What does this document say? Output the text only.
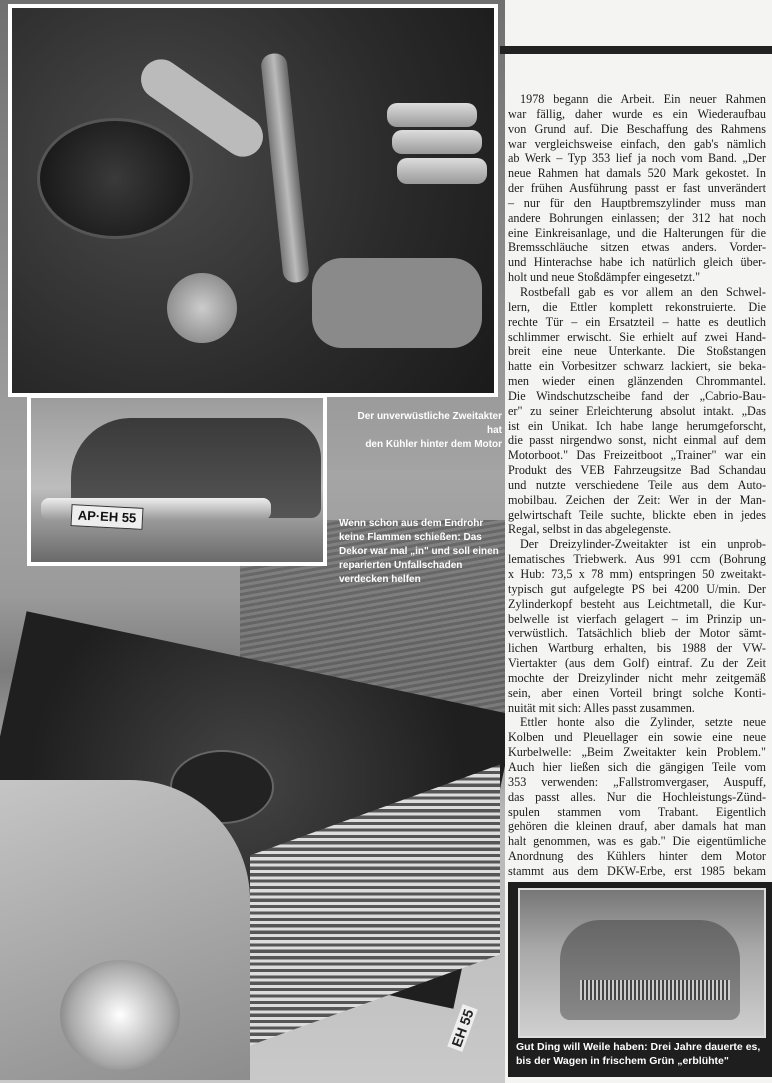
AP·EH 55
EH 55
Der unverwüstliche Zweitakter hat
den Kühler hinter dem Motor
Wenn schon aus dem Endrohr
keine Flammen schießen: Das
Dekor war mal „in" und soll einen
reparierten Unfallschaden
verdecken helfen
1978 begann die Arbeit. Ein neuer Rahmen
war fällig, daher wurde es ein Wiederaufbau
von Grund auf. Die Beschaffung des Rahmens
war vergleichsweise einfach, den gab's nämlich
ab Werk – Typ 353 lief ja noch vom Band. „Der
neue Rahmen hat damals 520 Mark gekostet. In
der frühen Ausführung passt er fast unverändert
– nur für den Hauptbremszylinder muss man
andere Bohrungen einlassen; der 312 hat noch
eine Einkreisanlage, und die Halterungen für die
Bremsschläuche sitzen etwas anders. Vorder-
und Hinterachse habe ich natürlich gleich über-
holt und neue Stoßdämpfer eingesetzt."
Rostbefall gab es vor allem an den Schwel-
lern, die Ettler komplett rekonstruierte. Die
rechte Tür – ein Ersatzteil – hatte es deutlich
schlimmer erwischt. Sie erhielt auf zwei Hand-
breit eine neue Unterkante. Die Stoßstangen
hatte ein Vorbesitzer schwarz lackiert, sie beka-
men wieder einen glänzenden Chrommantel.
Die Windschutzscheibe fand der „Cabrio-Bau-
er" zu seiner Erleichterung absolut intakt. „Das
ist ein Unikat. Ich habe lange herumgeforscht,
die passt nirgendwo sonst, nicht einmal auf dem
Motorboot." Das Freizeitboot „Trainer" war ein
Produkt des VEB Fahrzeugsitze Bad Schandau
und nutzte verschiedene Teile aus dem Auto-
mobilbau. Zeichen der Zeit: Wer in der Man-
gelwirtschaft Teile suchte, blickte eben in jedes
Regal, selbst in das abgelegenste.
Der Dreizylinder-Zweitakter ist ein unprob-
lematisches Triebwerk. Aus 991 ccm (Bohrung
x Hub: 73,5 x 78 mm) entspringen 50 zweitakt-
typisch gut aufgelegte PS bei 4200 U/min. Der
Zylinderkopf besteht aus Leichtmetall, die Kur-
belwelle ist vierfach gelagert – im Prinzip un-
verwüstlich. Tatsächlich blieb der Motor sämt-
lichen Wartburg erhalten, bis 1988 der VW-
Viertakter (aus dem Golf) eintraf. Zu der Zeit
mochte der Dreizylinder nicht mehr zeitgemäß
sein, aber einen Vorteil bringt solche Konti-
nuität mit sich: Alles passt zusammen.
Ettler honte also die Zylinder, setzte neue
Kolben und Pleuellager ein sowie eine neue
Kurbelwelle: „Beim Zweitakter kein Problem."
Auch hier ließen sich die gängigen Teile vom
353 verwenden: „Fallstromvergaser, Auspuff,
das passt alles. Nur die Hochleistungs-Zünd-
spulen stammen vom Trabant. Eigentlich
gehören die kleinen drauf, aber damals hat man
halt genommen, was es gab." Die eigentümliche
Anordnung des Kühlers hinter dem Motor
stammt aus dem DKW-Erbe, erst 1985 bekam
Gut Ding will Weile haben: Drei Jahre dauerte es,
bis der Wagen in frischem Grün „erblühte"
